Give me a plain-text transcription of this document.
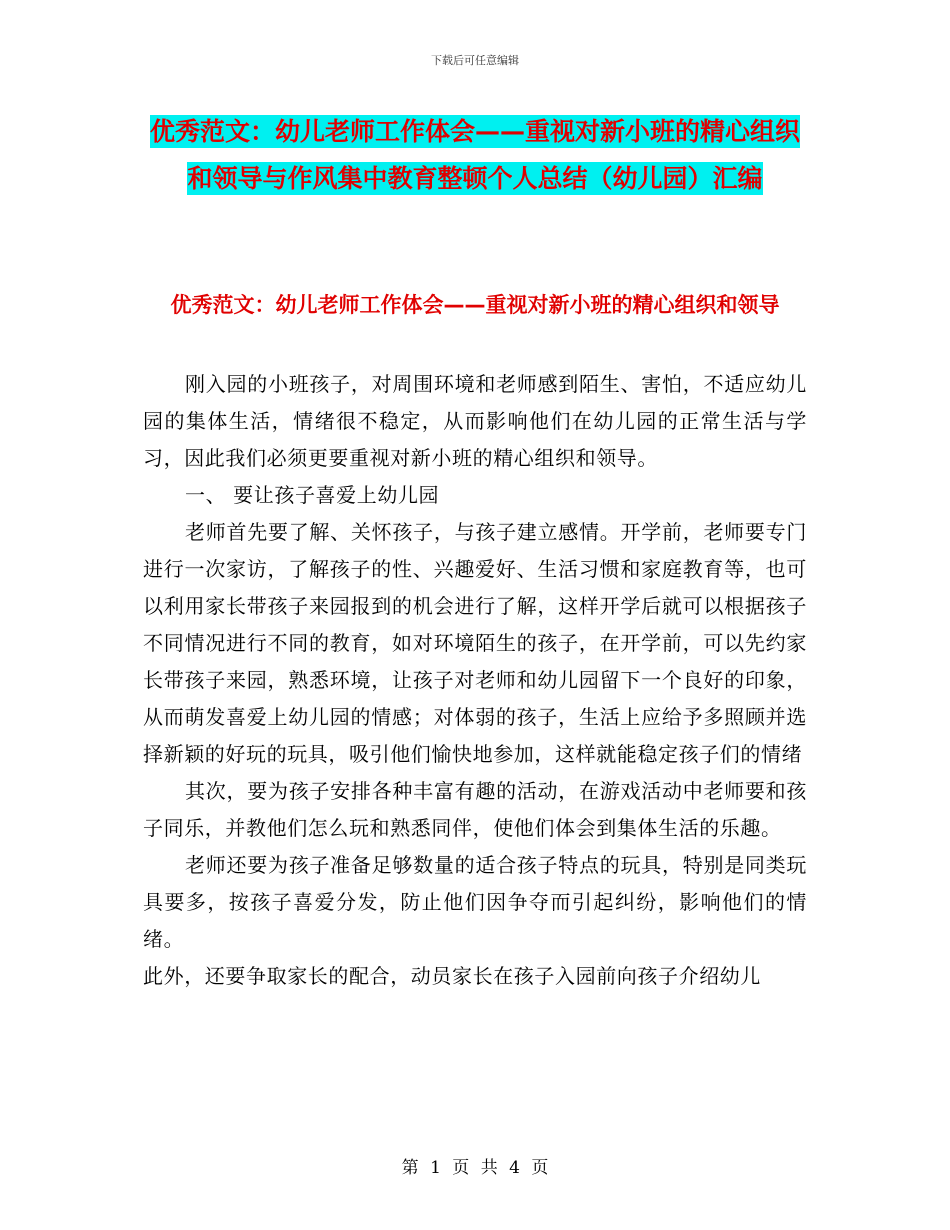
下载后可任意编辑
优秀范文：幼儿老师工作体会——重视对新小班的精心组织和领导与作风集中教育整顿个人总结（幼儿园）汇编
优秀范文：幼儿老师工作体会——重视对新小班的精心组织和领导

刚入园的小班孩子，对周围环境和老师感到陌生、害怕，不适应幼儿园的集体生活，情绪很不稳定，从而影响他们在幼儿园的正常生活与学习，因此我们必须更要重视对新小班的精心组织和领导。

一、 要让孩子喜爱上幼儿园

老师首先要了解、关怀孩子，与孩子建立感情。开学前，老师要专门进行一次家访，了解孩子的性、兴趣爱好、生活习惯和家庭教育等，也可以利用家长带孩子来园报到的机会进行了解，这样开学后就可以根据孩子不同情况进行不同的教育，如对环境陌生的孩子，在开学前，可以先约家长带孩子来园，熟悉环境，让孩子对老师和幼儿园留下一个良好的印象，从而萌发喜爱上幼儿园的情感；对体弱的孩子，生活上应给予多照顾并选择新颖的好玩的玩具，吸引他们愉快地参加，这样就能稳定孩子们的情绪

其次，要为孩子安排各种丰富有趣的活动，在游戏活动中老师要和孩子同乐，并教他们怎么玩和熟悉同伴，使他们体会到集体生活的乐趣。

老师还要为孩子准备足够数量的适合孩子特点的玩具，特别是同类玩具要多，按孩子喜爱分发，防止他们因争夺而引起纠纷，影响他们的情绪。

此外，还要争取家长的配合，动员家长在孩子入园前向孩子介绍幼儿

第 1 页 共 4 页
